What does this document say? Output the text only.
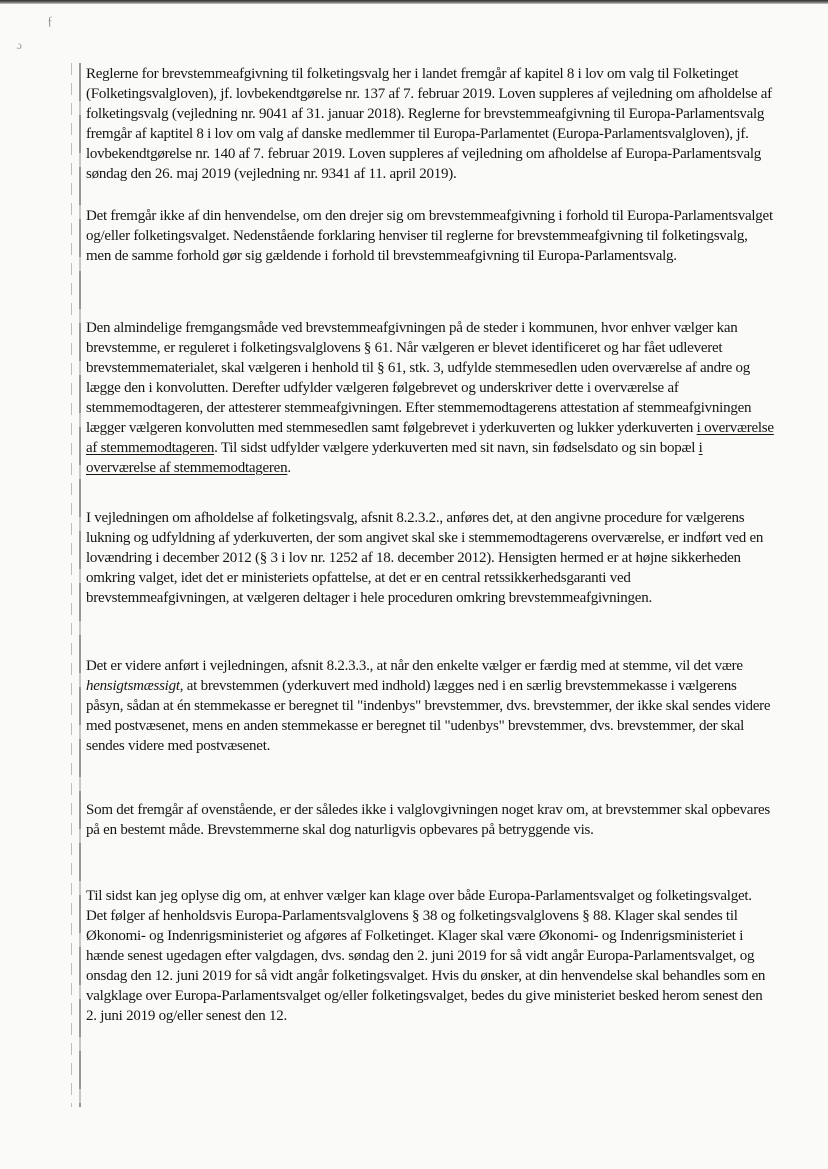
ƒ
ɔ
Reglerne for brevstemmeafgivning til folketingsvalg her i landet fremgår af kapitel 8 i lov om valg til Folketinget (Folketingsvalgloven), jf. lovbekendtgørelse nr. 137 af 7. februar 2019. Loven suppleres af vejledning om afholdelse af folketingsvalg (vejledning nr. 9041 af 31. januar 2018). Reglerne for brevstemmeafgivning til Europa-Parlamentsvalg fremgår af kaptitel 8 i lov om valg af danske medlemmer til Europa-Parlamentet (Europa-Parlamentsvalgloven), jf. lovbekendtgørelse nr. 140 af 7. februar 2019. Loven suppleres af vejledning om afholdelse af Europa-Parlamentsvalg søndag den 26. maj 2019 (vejledning nr. 9341 af 11. april 2019).
Det fremgår ikke af din henvendelse, om den drejer sig om brevstemmeafgivning i forhold til Europa-Parlamentsvalget og/eller folketingsvalget. Nedenstående forklaring henviser til reglerne for brevstemmeafgivning til folketingsvalg, men de samme forhold gør sig gældende i forhold til brevstemmeafgivning til Europa-Parlamentsvalg.
Den almindelige fremgangsmåde ved brevstemmeafgivningen på de steder i kommunen, hvor enhver vælger kan brevstemme, er reguleret i folketingsvalglovens § 61. Når vælgeren er blevet identificeret og har fået udleveret brevstemmematerialet, skal vælgeren i henhold til § 61, stk. 3, udfylde stemmesedlen uden overværelse af andre og lægge den i konvolutten. Derefter udfylder vælgeren følgebrevet og underskriver dette i overværelse af stemmemodtageren, der attesterer stemmeafgivningen. Efter stemmemodtagerens attestation af stemmeafgivningen lægger vælgeren konvolutten med stemmesedlen samt følgebrevet i yderkuverten og lukker yderkuverten i overværelse af stemmemodtageren. Til sidst udfylder vælgere yderkuverten med sit navn, sin fødselsdato og sin bopæl i overværelse af stemmemodtageren.
I vejledningen om afholdelse af folketingsvalg, afsnit 8.2.3.2., anføres det, at den angivne procedure for vælgerens lukning og udfyldning af yderkuverten, der som angivet skal ske i stemmemodtagerens overværelse, er indført ved en lovændring i december 2012 (§ 3 i lov nr. 1252 af 18. december 2012). Hensigten hermed er at højne sikkerheden omkring valget, idet det er ministeriets opfattelse, at det er en central retssikkerhedsgaranti ved brevstemmeafgivningen, at vælgeren deltager i hele proceduren omkring brevstemmeafgivningen.
Det er videre anført i vejledningen, afsnit 8.2.3.3., at når den enkelte vælger er færdig med at stemme, vil det være hensigtsmæssigt, at brevstemmen (yderkuvert med indhold) lægges ned i en særlig brevstemmekasse i vælgerens påsyn, sådan at én stemmekasse er beregnet til "indenbys" brevstemmer, dvs. brevstemmer, der ikke skal sendes videre med postvæsenet, mens en anden stemmekasse er beregnet til "udenbys" brevstemmer, dvs. brevstemmer, der skal sendes videre med postvæsenet.
Som det fremgår af ovenstående, er der således ikke i valglovgivningen noget krav om, at brevstemmer skal opbevares på en bestemt måde. Brevstemmerne skal dog naturligvis opbevares på betryggende vis.
Til sidst kan jeg oplyse dig om, at enhver vælger kan klage over både Europa-Parlamentsvalget og folketingsvalget. Det følger af henholdsvis Europa-Parlamentsvalglovens § 38 og folketingsvalglovens § 88. Klager skal sendes til Økonomi- og Indenrigsministeriet og afgøres af Folketinget. Klager skal være Økonomi- og Indenrigsministeriet i hænde senest ugedagen efter valgdagen, dvs. søndag den 2. juni 2019 for så vidt angår Europa-Parlamentsvalget, og onsdag den 12. juni 2019 for så vidt angår folketingsvalget. Hvis du ønsker, at din henvendelse skal behandles som en valgklage over Europa-Parlamentsvalget og/eller folketingsvalget, bedes du give ministeriet besked herom senest den 2. juni 2019 og/eller senest den 12.
